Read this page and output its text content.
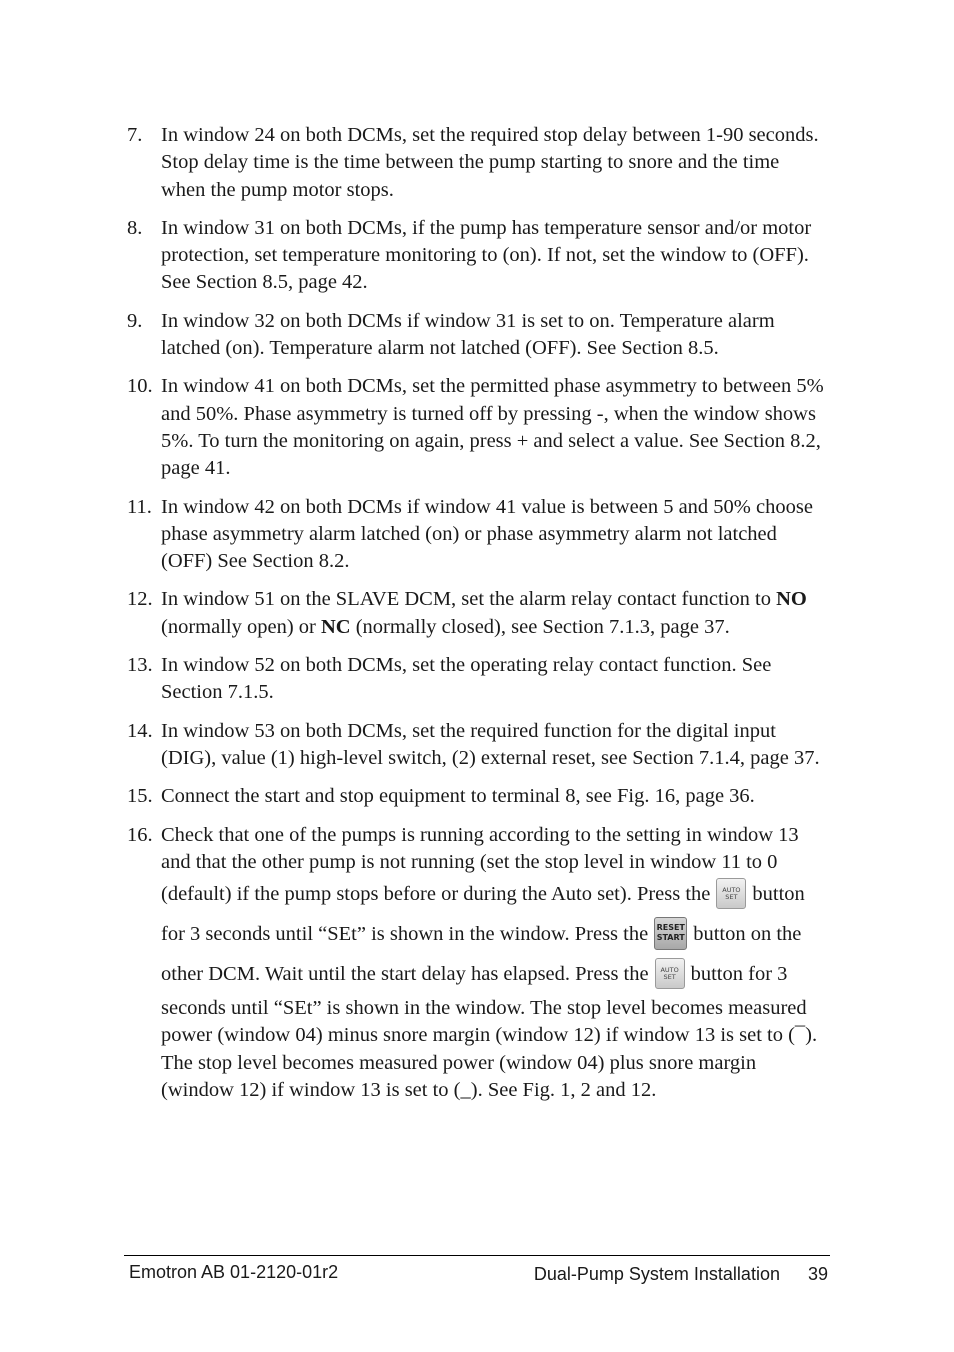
7. In window 24 on both DCMs, set the required stop delay between 1-90 seconds. Stop delay time is the time between the pump starting to snore and the time when the pump motor stops.
8. In window 31 on both DCMs, if the pump has temperature sensor and/or motor protection, set temperature monitoring to (on). If not, set the window to (OFF). See Section 8.5, page 42.
9. In window 32 on both DCMs if window 31 is set to on. Temperature alarm latched (on). Temperature alarm not latched (OFF). See Section 8.5.
10. In window 41 on both DCMs, set the permitted phase asymmetry to between 5% and 50%. Phase asymmetry is turned off by pressing -, when the window shows 5%. To turn the monitoring on again, press + and select a value. See Section 8.2, page 41.
11. In window 42 on both DCMs if window 41 value is between 5 and 50% choose phase asymmetry alarm latched (on) or phase asymmetry alarm not latched (OFF) See Section 8.2.
12. In window 51 on the SLAVE DCM, set the alarm relay contact function to NO (normally open) or NC (normally closed), see Section 7.1.3, page 37.
13. In window 52 on both DCMs, set the operating relay contact function. See Section 7.1.5.
14. In window 53 on both DCMs, set the required function for the digital input (DIG), value (1) high-level switch, (2) external reset, see Section 7.1.4, page 37.
15. Connect the start and stop equipment to terminal 8, see Fig. 16, page 36.
16. Check that one of the pumps is running according to the setting in window 13 and that the other pump is not running (set the stop level in window 11 to 0 (default) if the pump stops before or during the Auto set). Press the AUTO
SET button for 3 seconds until “SEt” is shown in the window. Press the RESET
START button on the other DCM. Wait until the start delay has elapsed. Press the AUTO
SET button for 3 seconds until “SEt” is shown in the window. The stop level becomes measured power (window 04) minus snore margin (window 12) if window 13 is set to (¯). The stop level becomes measured power (window 04) plus snore margin (window 12) if window 13 is set to (_). See Fig. 1, 2 and 12.
Emotron AB 01-2120-01r2	Dual-Pump System Installation 39
